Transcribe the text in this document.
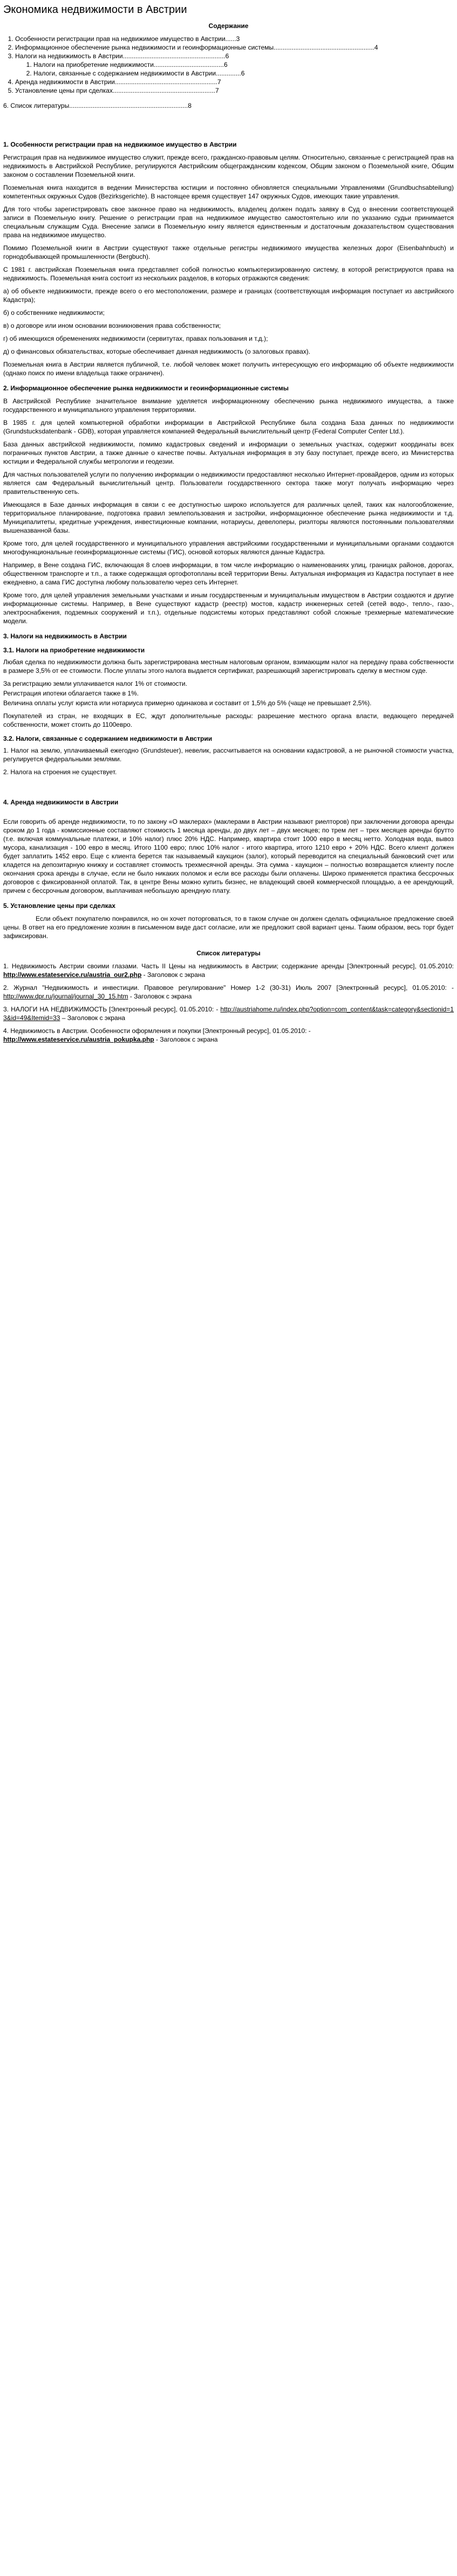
Экономика недвижимости в Австрии
Содержание
1. Особенности регистрации прав на недвижимое имущество в Австрии......3
2. Информационное обеспечение рынка недвижимости и геоинформационные системы........................................................4
3. Налоги на недвижимость в Австрии.........................................................6
1. Налоги на приобретение недвижимости.......................................6
2. Налоги, связанные с содержанием недвижимости в Австрии..............6
4. Аренда недвижимости в Австрии.........................................................7
5. Установление цены при сделках.........................................................7
6. Список литературы..................................................................8
1. Особенности регистрации прав на недвижимое имущество в Австрии

Регистрация прав на недвижимое имущество служит, прежде всего, гражданско-правовым целям. Относительно, связанные с регистрацией прав на недвижимость в Австрийской Республике, регулируются Австрийским общегражданским кодексом, Общим законом о Поземельной книге, Общим законом о составлении Поземельной книги.

Поземельная книга находится в ведении Министерства юстиции и постоянно обновляется специальными Управлениями (Grundbuchsabteilung) компетентных окружных Судов (Bezirksgerichte). В настоящее время существует 147 окружных Судов, имеющих такие управления.

Для того чтобы зарегистрировать свое законное право на недвижимость, владелец должен подать заявку в Суд о внесении соответствующей записи в Поземельную книгу. Решение о регистрации прав на недвижимое имущество самостоятельно или по указанию судьи принимается специальным служащим Суда. Внесение записи в Поземельную книгу является единственным и достаточным доказательством существования права на недвижимое имущество.

Помимо Поземельной книги в Австрии существуют также отдельные регистры недвижимого имущества железных дорог (Eisenbahnbuch) и горнодобывающей промышленности (Bergbuch).

С 1981 г. австрийская Поземельная книга представляет собой полностью компьютеризированную систему, в которой регистрируются права на недвижимость. Поземельная книга состоит из нескольких разделов, в которых отражаются сведения:

а) об объекте недвижимости, прежде всего о его местоположении, размере и границах (соответствующая информация поступает из австрийского Кадастра);

б) о собственнике недвижимости;

в) о договоре или ином основании возникновения права собственности;

г) об имеющихся обременениях недвижимости (сервитутах, правах пользования и т.д.);

д) о финансовых обязательствах, которые обеспечивает данная недвижимость (о залоговых правах).

Поземельная книга в Австрии является публичной, т.е. любой человек может получить интересующую его информацию об объекте недвижимости (однако поиск по имени владельца также ограничен).

2. Информационное обеспечение рынка недвижимости и геоинформационные системы

В Австрийской Республике значительное внимание уделяется информационному обеспечению рынка недвижимого имущества, а также государственного и муниципального управления территориями.

В 1985 г. для целей компьютерной обработки информации в Австрийской Республике была создана База данных по недвижимости (Grundstucksdatenbank - GDB), которая управляется компанией Федеральный вычислительный центр (Federal Computer Center Ltd.).

База данных австрийской недвижимости, помимо кадастровых сведений и информации о земельных участках, содержит координаты всех пограничных пунктов Австрии, а также данные о качестве почвы. Актуальная информация в эту базу поступает, прежде всего, из Министерства юстиции и Федеральной службы метрологии и геодезии.

Для частных пользователей услуги по получению информации о недвижимости предоставляют несколько Интернет-провайдеров, одним из которых является сам Федеральный вычислительный центр. Пользователи государственного сектора также могут получать информацию через правительственную сеть.

Имеющаяся в Базе данных информация в связи с ее доступностью широко используется для различных целей, таких как налогообложение, территориальное планирование, подготовка правил землепользования и застройки, информационное обеспечение рынка недвижимости и т.д. Муниципалитеты, кредитные учреждения, инвестиционные компании, нотариусы, девелоперы, риэлторы являются постоянными пользователями вышеназванной базы.

Кроме того, для целей государственного и муниципального управления австрийскими государственными и муниципальными органами создаются многофункциональные геоинформационные системы (ГИС), основой которых являются данные Кадастра.

Например, в Вене создана ГИС, включающая 8 слоев информации, в том числе информацию о наименованиях улиц, границах районов, дорогах, общественном транспорте и т.п., а также содержащая ортофотопланы всей территории Вены. Актуальная информация из Кадастра поступает в нее ежедневно, а сама ГИС доступна любому пользователю через сеть Интернет.

Кроме того, для целей управления земельными участками и иным государственным и муниципальным имуществом в Австрии создаются и другие информационные системы. Например, в Вене существуют кадастр (реестр) мостов, кадастр инженерных сетей (сетей водо-, тепло-, газо-, электроснабжения, подземных сооружений и т.п.), отдельные подсистемы которых представляют собой сложные трехмерные математические модели.

3. Налоги на недвижимость в Австрии
3.1. Налоги на приобретение недвижимости

Любая сделка по недвижимости должна быть зарегистрирована местным налоговым органом, взимающим налог на передачу права собственности в размере 3,5% от ее стоимости. После уплаты этого налога выдается сертификат, разрешающий зарегистрировать сделку в местном суде.

За регистрацию земли уплачивается налог 1% от стоимости.

Регистрация ипотеки облагается также в 1%.

Величина оплаты услуг юриста или нотариуса примерно одинакова и составит от 1,5% до 5% (чаще не превышает 2,5%).

Покупателей из стран, не входящих в ЕС, ждут дополнительные расходы: разрешение местного органа власти, ведающего передачей собственности, может стоить до 1100евро.

3.2. Налоги, связанные с содержанием недвижимости в Австрии

1. Налог на землю, уплачиваемый ежегодно (Grundsteuer), невелик, рассчитывается на основании кадастровой, а не рыночной стоимости участка, регулируется федеральными землями.

2. Налога на строения не существует.

4. Аренда недвижимости в Австрии

Если говорить об аренде недвижимости, то по закону «О маклерах» (маклерами в Австрии называют риелторов) при заключении договора аренды сроком до 1 года - комиссионные составляют стоимость 1 месяца аренды, до двух лет – двух месяцев; по трем лет – трех месяцев аренды брутто (т.е. включая коммунальные платежи, и 10% налог) плюс 20% НДС. Например, квартира стоит 1000 евро в месяц нетто. Холодная вода, вывоз мусора, канализация - 100 евро в месяц. Итого 1100 евро; плюс 10% налог - итого квартира, итого 1210 евро + 20% НДС. Всего клиент должен будет заплатить 1452 евро. Еще с клиента берется так называемый каукцион (залог), который переводится на специальный банковский счет или кладется на депозитарную книжку и составляет стоимость трехмесячной аренды. Эта сумма - каукцион – полностью возвращается клиенту после окончания срока аренды в случае, если не было никаких поломок и если все расходы были оплачены. Широко применяется практика бессрочных договоров с фиксированной оплатой. Так, в центре Вены можно купить бизнес, не владеющий своей коммерческой площадью, а ее арендующий, причем с бессрочным договором, выплачивая небольшую арендную плату.

5. Установление цены при сделках

Если объект покупателю понравился, но он хочет поторговаться, то в таком случае он должен сделать официальное предложение своей цены. В ответ на его предложение хозяин в письменном виде даст согласие, или же предложит свой вариант цены. Таким образом, весь торг будет зафиксирован.

Список литературы

1. Недвижимость Австрии своими глазами. Часть II Цены на недвижимость в Австрии; содержание аренды [Электронный ресурс], 01.05.2010: http://www.estateservice.ru/austria_our2.php - Заголовок с экрана

2. Журнал "Недвижимость и инвестиции. Правовое регулирование" Номер 1-2 (30-31) Июль 2007 [Электронный ресурс], 01.05.2010: - http://www.dpr.ru/journal/journal_30_15.htm - Заголовок с экрана

3. НАЛОГИ НА НЕДВИЖИМОСТЬ [Электронный ресурс], 01.05.2010: - http://austriahome.ru/index.php?option=com_content&task=category&sectionid=13&id=49&Itemid=33 – Заголовок с экрана

4. Недвижимость в Австрии. Особенности оформления и покупки [Электронный ресурс], 01.05.2010: -
http://www.estateservice.ru/austria_pokupka.php - Заголовок с экрана
